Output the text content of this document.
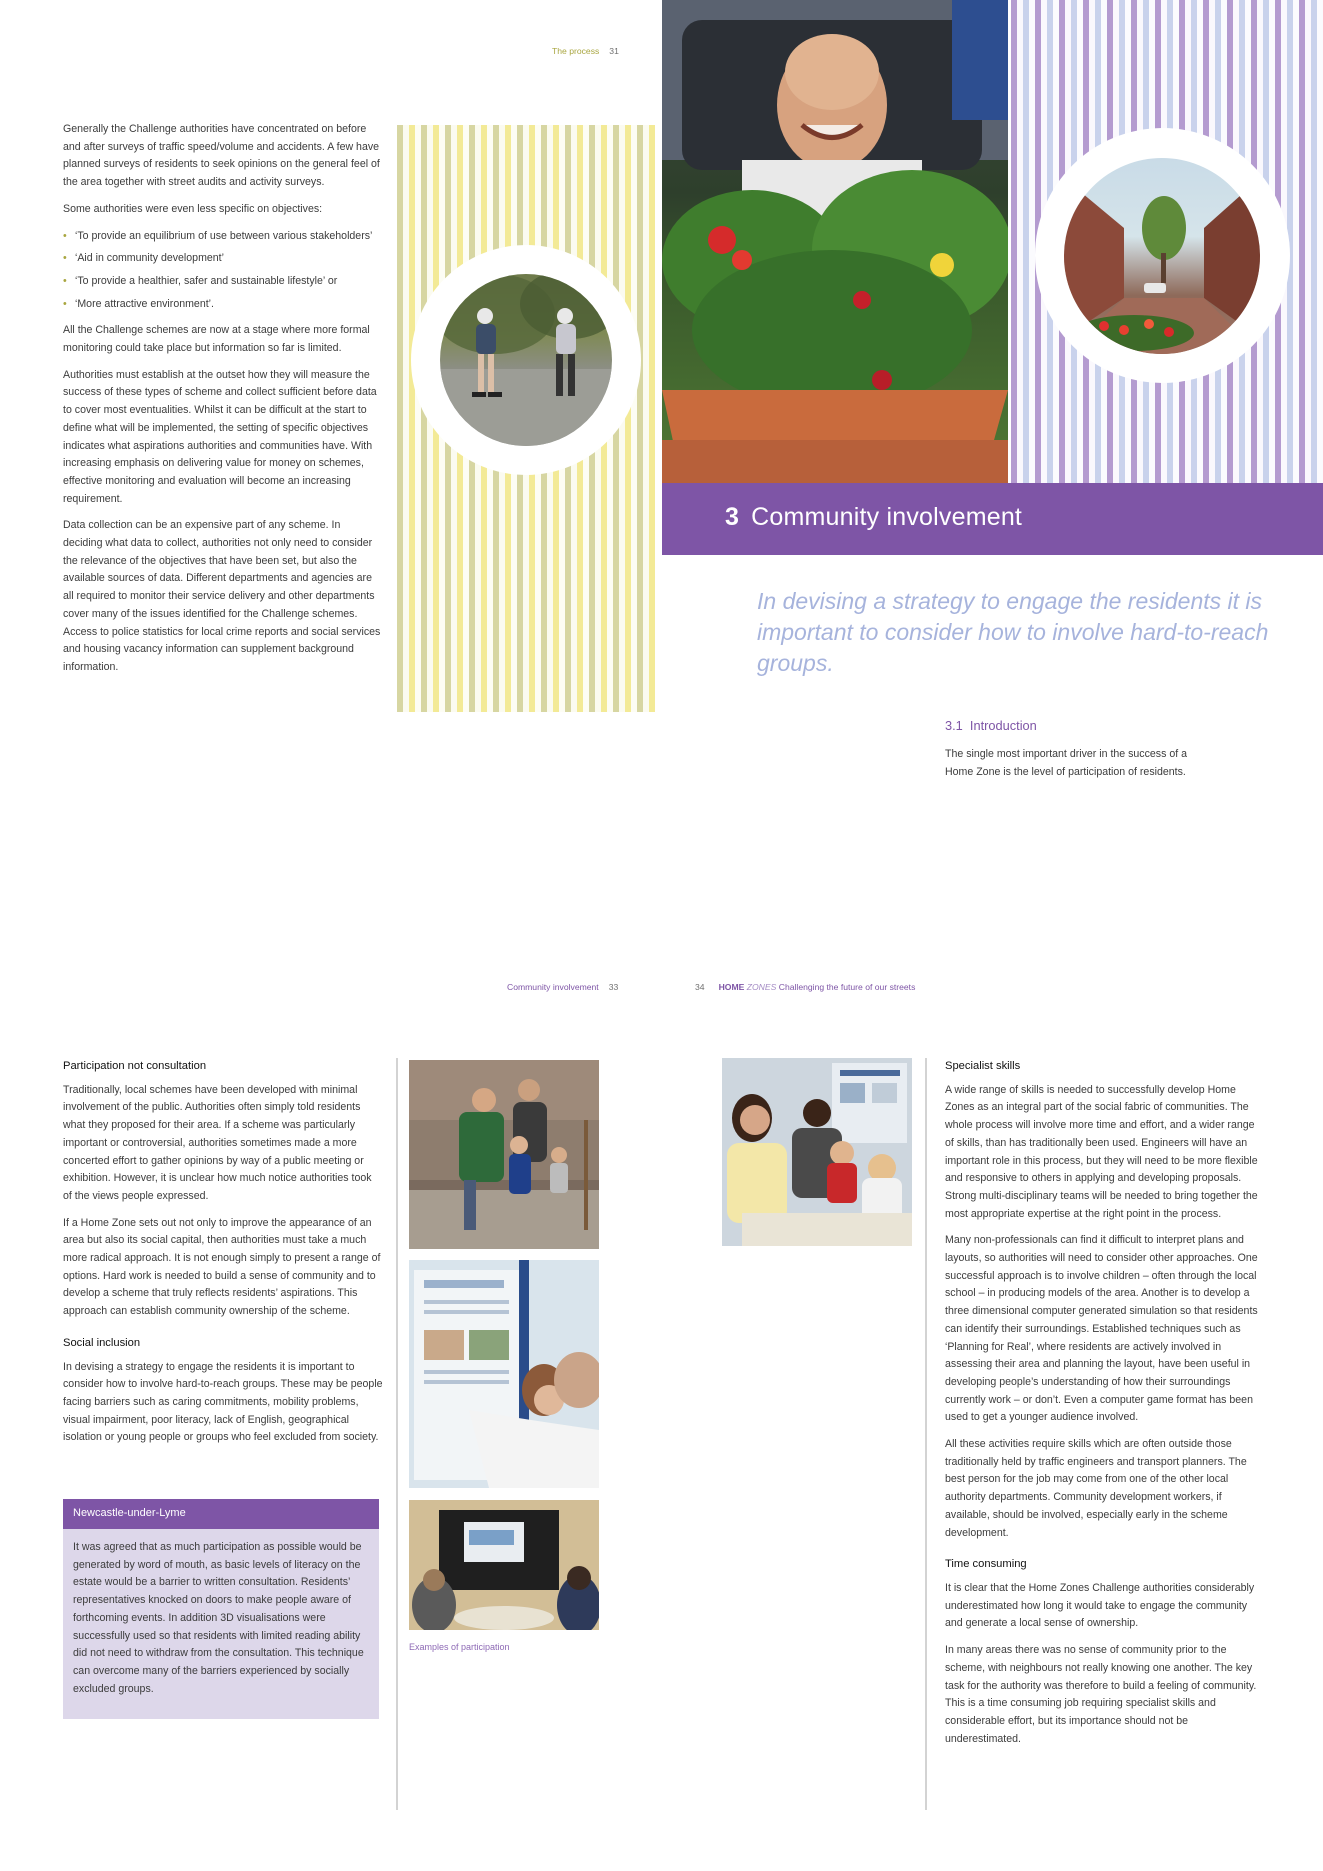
The process 31

Generally the Challenge authorities have concentrated on before and after surveys of traffic speed/volume and accidents. A few have planned surveys of residents to seek opinions on the general feel of the area together with street audits and activity surveys.

Some authorities were even less specific on objectives:

• ‘To provide an equilibrium of use between various stakeholders’

• ‘Aid in community development’

• ‘To provide a healthier, safer and sustainable lifestyle’ or

• ‘More attractive environment’.

All the Challenge schemes are now at a stage where more formal monitoring could take place but information so far is limited.

Authorities must establish at the outset how they will measure the success of these types of scheme and collect sufficient before data to cover most eventualities. Whilst it can be difficult at the start to define what will be implemented, the setting of specific objectives indicates what aspirations authorities and communities have. With increasing emphasis on delivering value for money on schemes, effective monitoring and evaluation will become an increasing requirement.

Data collection can be an expensive part of any scheme. In deciding what data to collect, authorities not only need to consider the relevance of the objectives that have been set, but also the available sources of data. Different departments and agencies are all required to monitor their service delivery and other departments cover many of the issues identified for the Challenge schemes. Access to police statistics for local crime reports and social services and housing vacancy information can supplement background information.

3 Community involvement
In devising a strategy to engage the residents it is important to consider how to involve hard-to-reach groups.
3.1 Introduction
The single most important driver in the success of a Home Zone is the level of participation of residents.
Community involvement 33	34 HOME ZONES Challenging the future of our streets
Participation not consultation

Traditionally, local schemes have been developed with minimal involvement of the public. Authorities often simply told residents what they proposed for their area. If a scheme was particularly important or controversial, authorities sometimes made a more concerted effort to gather opinions by way of a public meeting or exhibition. However, it is unclear how much notice authorities took of the views people expressed.

If a Home Zone sets out not only to improve the appearance of an area but also its social capital, then authorities must take a much more radical approach. It is not enough simply to present a range of options. Hard work is needed to build a sense of community and to develop a scheme that truly reflects residents’ aspirations. This approach can establish community ownership of the scheme.

Social inclusion

In devising a strategy to engage the residents it is important to consider how to involve hard-to-reach groups. These may be people facing barriers such as caring commitments, mobility problems, visual impairment, poor literacy, lack of English, geographical isolation or young people or groups who feel excluded from society.

Newcastle-under-Lyme
It was agreed that as much participation as possible would be generated by word of mouth, as basic levels of literacy on the estate would be a barrier to written consultation. Residents’ representatives knocked on doors to make people aware of forthcoming events. In addition 3D visualisations were successfully used so that residents with limited reading ability did not need to withdraw from the consultation. This technique can overcome many of the barriers experienced by socially excluded groups.
Examples of participation
Specialist skills

A wide range of skills is needed to successfully develop Home Zones as an integral part of the social fabric of communities. The whole process will involve more time and effort, and a wider range of skills, than has traditionally been used. Engineers will have an important role in this process, but they will need to be more flexible and responsive to others in applying and developing proposals. Strong multi-disciplinary teams will be needed to bring together the most appropriate expertise at the right point in the process.

Many non-professionals can find it difficult to interpret plans and layouts, so authorities will need to consider other approaches. One successful approach is to involve children – often through the local school – in producing models of the area. Another is to develop a three dimensional computer generated simulation so that residents can identify their surroundings. Established techniques such as ‘Planning for Real’, where residents are actively involved in assessing their area and planning the layout, have been useful in developing people’s understanding of how their surroundings currently work – or don’t. Even a computer game format has been used to get a younger audience involved.

All these activities require skills which are often outside those traditionally held by traffic engineers and transport planners. The best person for the job may come from one of the other local authority departments. Community development workers, if available, should be involved, especially early in the scheme development.

Time consuming

It is clear that the Home Zones Challenge authorities considerably underestimated how long it would take to engage the community and generate a local sense of ownership.

In many areas there was no sense of community prior to the scheme, with neighbours not really knowing one another. The key task for the authority was therefore to build a feeling of community. This is a time consuming job requiring specialist skills and considerable effort, but its importance should not be underestimated.
